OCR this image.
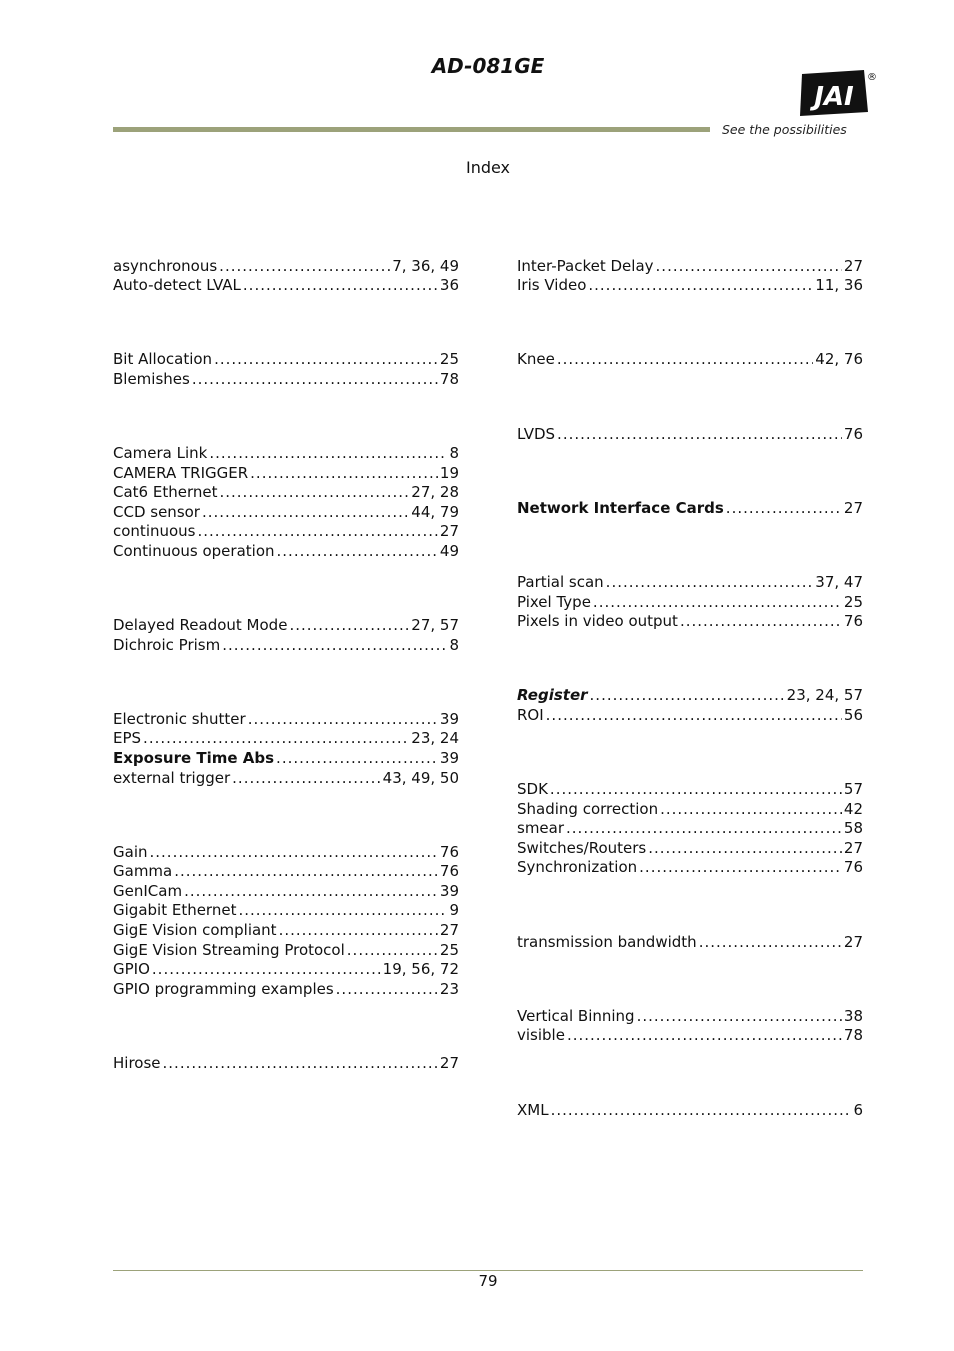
AD-081GE
JAI
®
See the possibilities
Index
asynchronous .....	7, 36, 49
Auto-detect LVAL .....	36
Bit Allocation .....	25
Blemishes .....	78
Camera Link .....	8
CAMERA TRIGGER .....	19
Cat6 Ethernet .....	27, 28
CCD sensor .....	44, 79
continuous .....	27
Continuous operation .....	49
Delayed Readout Mode .....	27, 57
Dichroic Prism .....	8
Electronic shutter .....	39
EPS .....	23, 24
Exposure Time Abs .....	39
external trigger .....	43, 49, 50
Gain .....	76
Gamma .....	76
GenICam .....	39
Gigabit Ethernet .....	9
GigE Vision compliant .....	27
GigE Vision Streaming Protocol .....	25
GPIO .....	19, 56, 72
GPIO programming examples .....	23
Hirose .....	27
Inter-Packet Delay .....	27
Iris Video .....	11, 36
Knee .....	42, 76
LVDS .....	76
Network Interface Cards .....	27
Partial scan .....	37, 47
Pixel Type .....	25
Pixels in video output .....	76
Register .....	23, 24, 57
ROI .....	56
SDK .....	57
Shading correction .....	42
smear .....	58
Switches/Routers .....	27
Synchronization .....	76
transmission bandwidth .....	27
Vertical Binning .....	38
visible .....	78
XML .....	6
79
